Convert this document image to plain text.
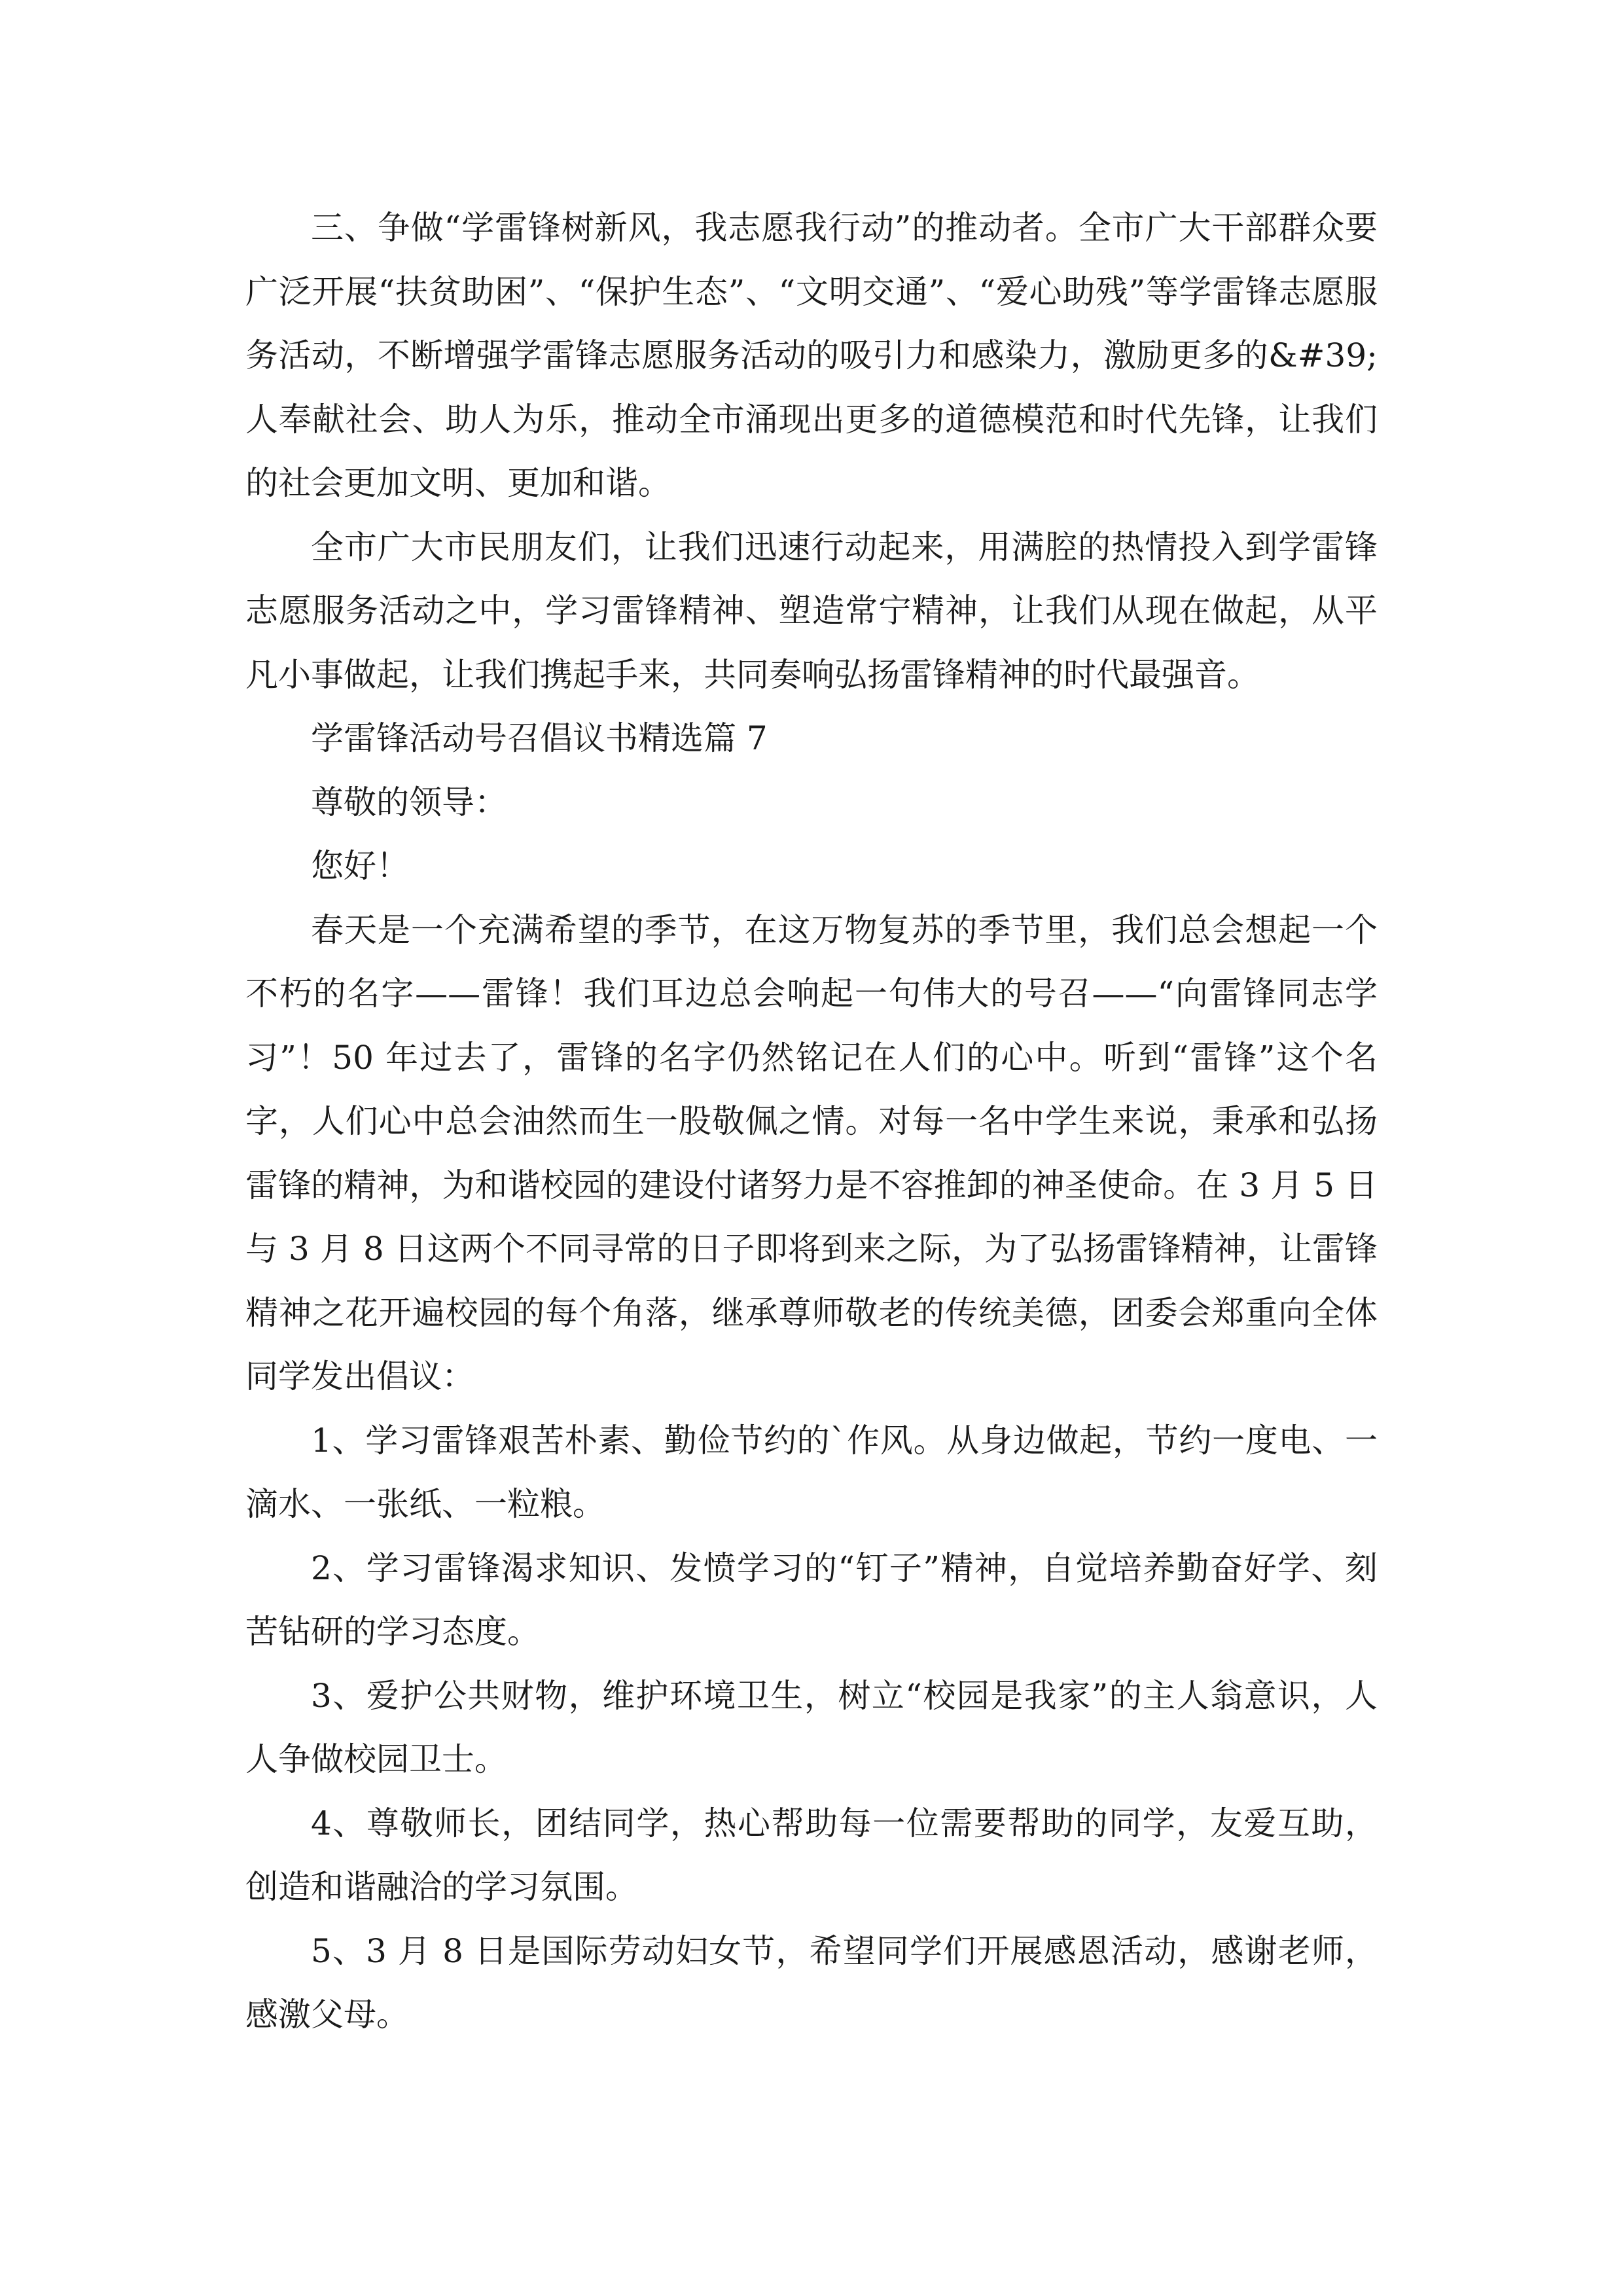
三、争做“学雷锋树新风，我志愿我行动”的推动者。全市广大干部群众要广泛开展“扶贫助困”、“保护生态”、“文明交通”、“爱心助残”等学雷锋志愿服务活动，不断增强学雷锋志愿服务活动的吸引力和感染力，激励更多的&#39;人奉献社会、助人为乐，推动全市涌现出更多的道德模范和时代先锋，让我们的社会更加文明、更加和谐。

全市广大市民朋友们，让我们迅速行动起来，用满腔的热情投入到学雷锋志愿服务活动之中，学习雷锋精神、塑造常宁精神，让我们从现在做起，从平凡小事做起，让我们携起手来，共同奏响弘扬雷锋精神的时代最强音。

学雷锋活动号召倡议书精选篇 7

尊敬的领导：

您好！

春天是一个充满希望的季节，在这万物复苏的季节里，我们总会想起一个不朽的名字——雷锋！我们耳边总会响起一句伟大的号召——“向雷锋同志学习”！50 年过去了，雷锋的名字仍然铭记在人们的心中。听到“雷锋”这个名字，人们心中总会油然而生一股敬佩之情。对每一名中学生来说，秉承和弘扬雷锋的精神，为和谐校园的建设付诸努力是不容推卸的神圣使命。在 3 月 5 日与 3 月 8 日这两个不同寻常的日子即将到来之际，为了弘扬雷锋精神，让雷锋精神之花开遍校园的每个角落，继承尊师敬老的传统美德，团委会郑重向全体同学发出倡议：

1、学习雷锋艰苦朴素、勤俭节约的`作风。从身边做起，节约一度电、一滴水、一张纸、一粒粮。

2、学习雷锋渴求知识、发愤学习的“钉子”精神，自觉培养勤奋好学、刻苦钻研的学习态度。

3、爱护公共财物，维护环境卫生，树立“校园是我家”的主人翁意识，人人争做校园卫士。

4、尊敬师长，团结同学，热心帮助每一位需要帮助的同学，友爱互助，创造和谐融洽的学习氛围。

5、3 月 8 日是国际劳动妇女节，希望同学们开展感恩活动，感谢老师，感激父母。
